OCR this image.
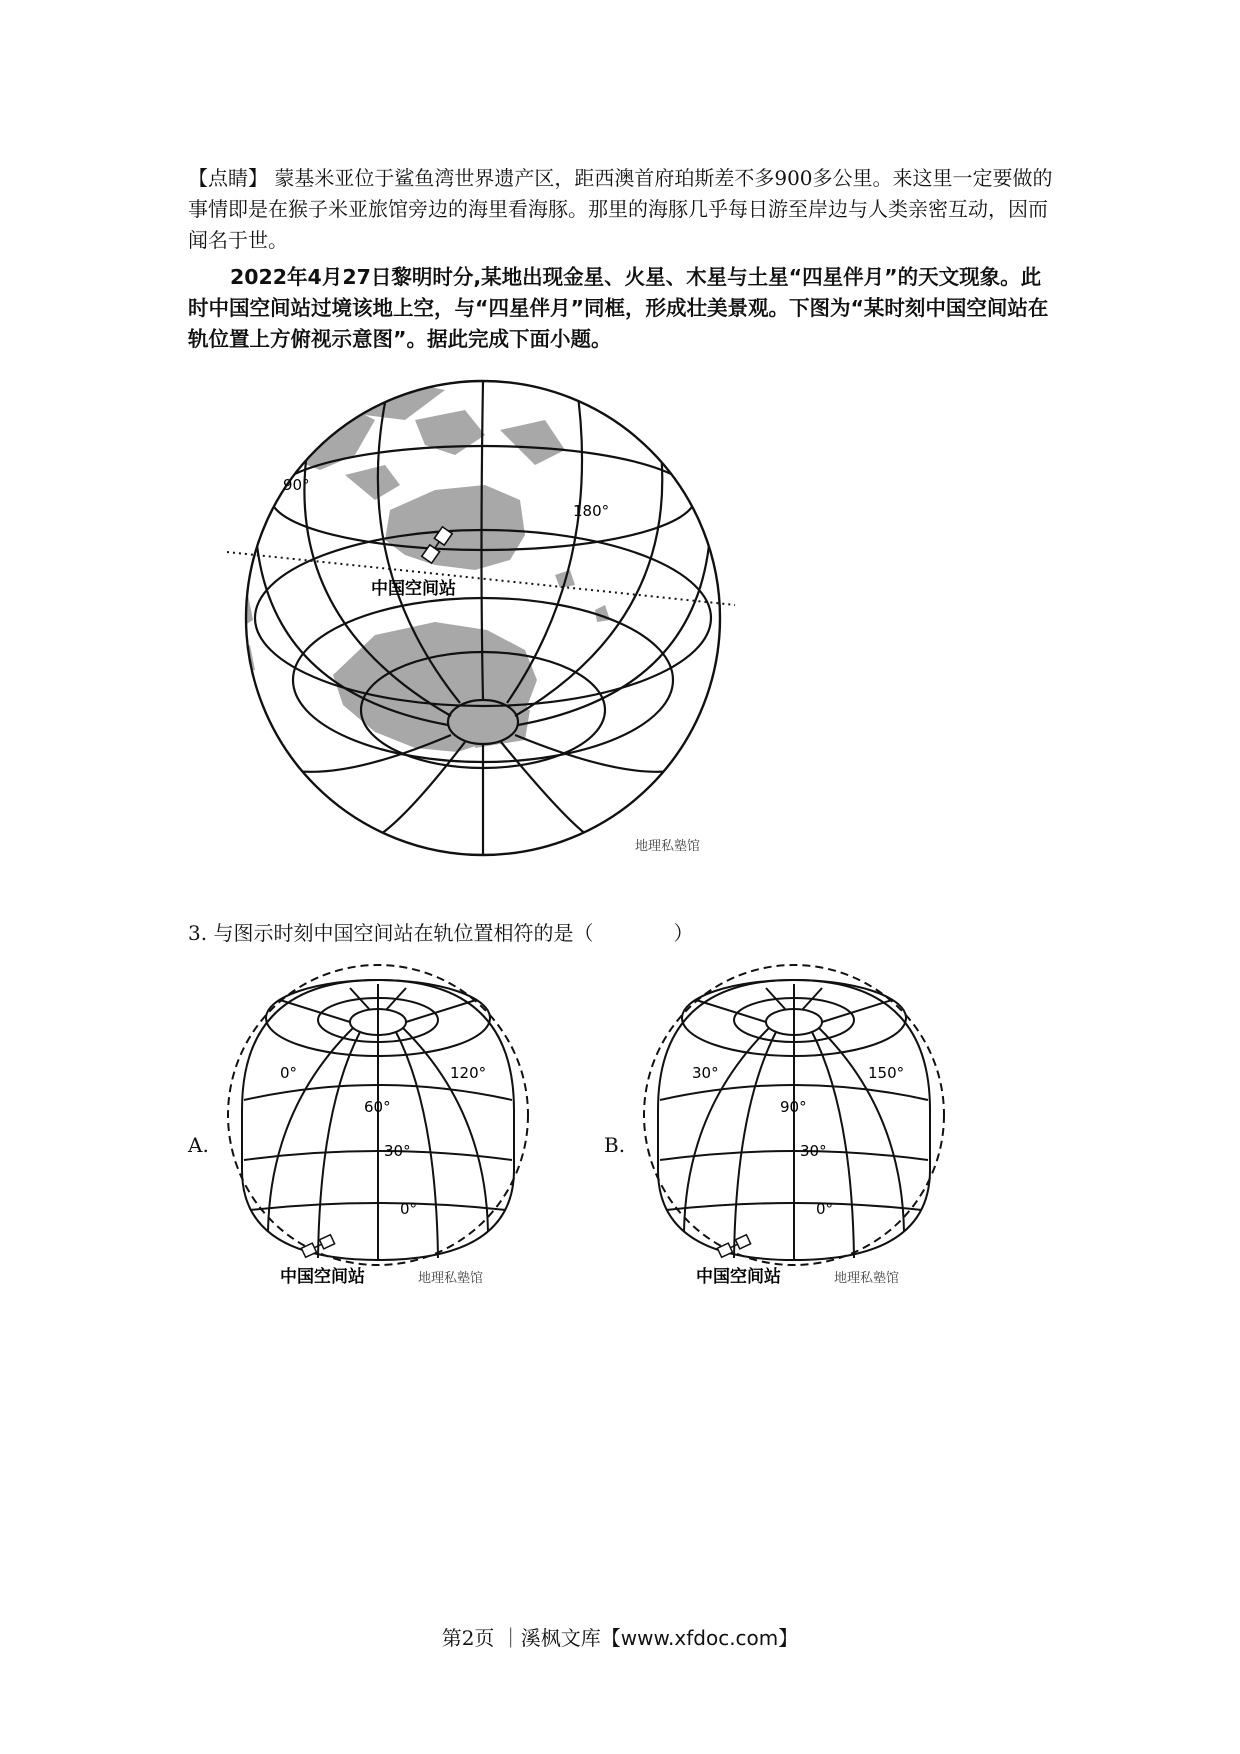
【点睛】 蒙基米亚位于鲨鱼湾世界遗产区，距西澳首府珀斯差不多900多公里。来这里一定要做的事情即是在猴子米亚旅馆旁边的海里看海豚。那里的海豚几乎每日游至岸边与人类亲密互动，因而闻名于世。
2022年4月27日黎明时分,某地出现金星、火星、木星与土星“四星伴月”的天文现象。此时中国空间站过境该地上空，与“四星伴月”同框，形成壮美景观。下图为“某时刻中国空间站在轨位置上方俯视示意图”。据此完成下面小题。
90°
180°
中国空间站
地理私塾馆
3. 与图示时刻中国空间站在轨位置相符的是（　　　　）
A.
0°
60°
120°
30°
0°
中国空间站	地理私塾馆
B.
30°
90°
150°
30°
0°
中国空间站	地理私塾馆
第2页 ｜溪枫文库【www.xfdoc.com】
